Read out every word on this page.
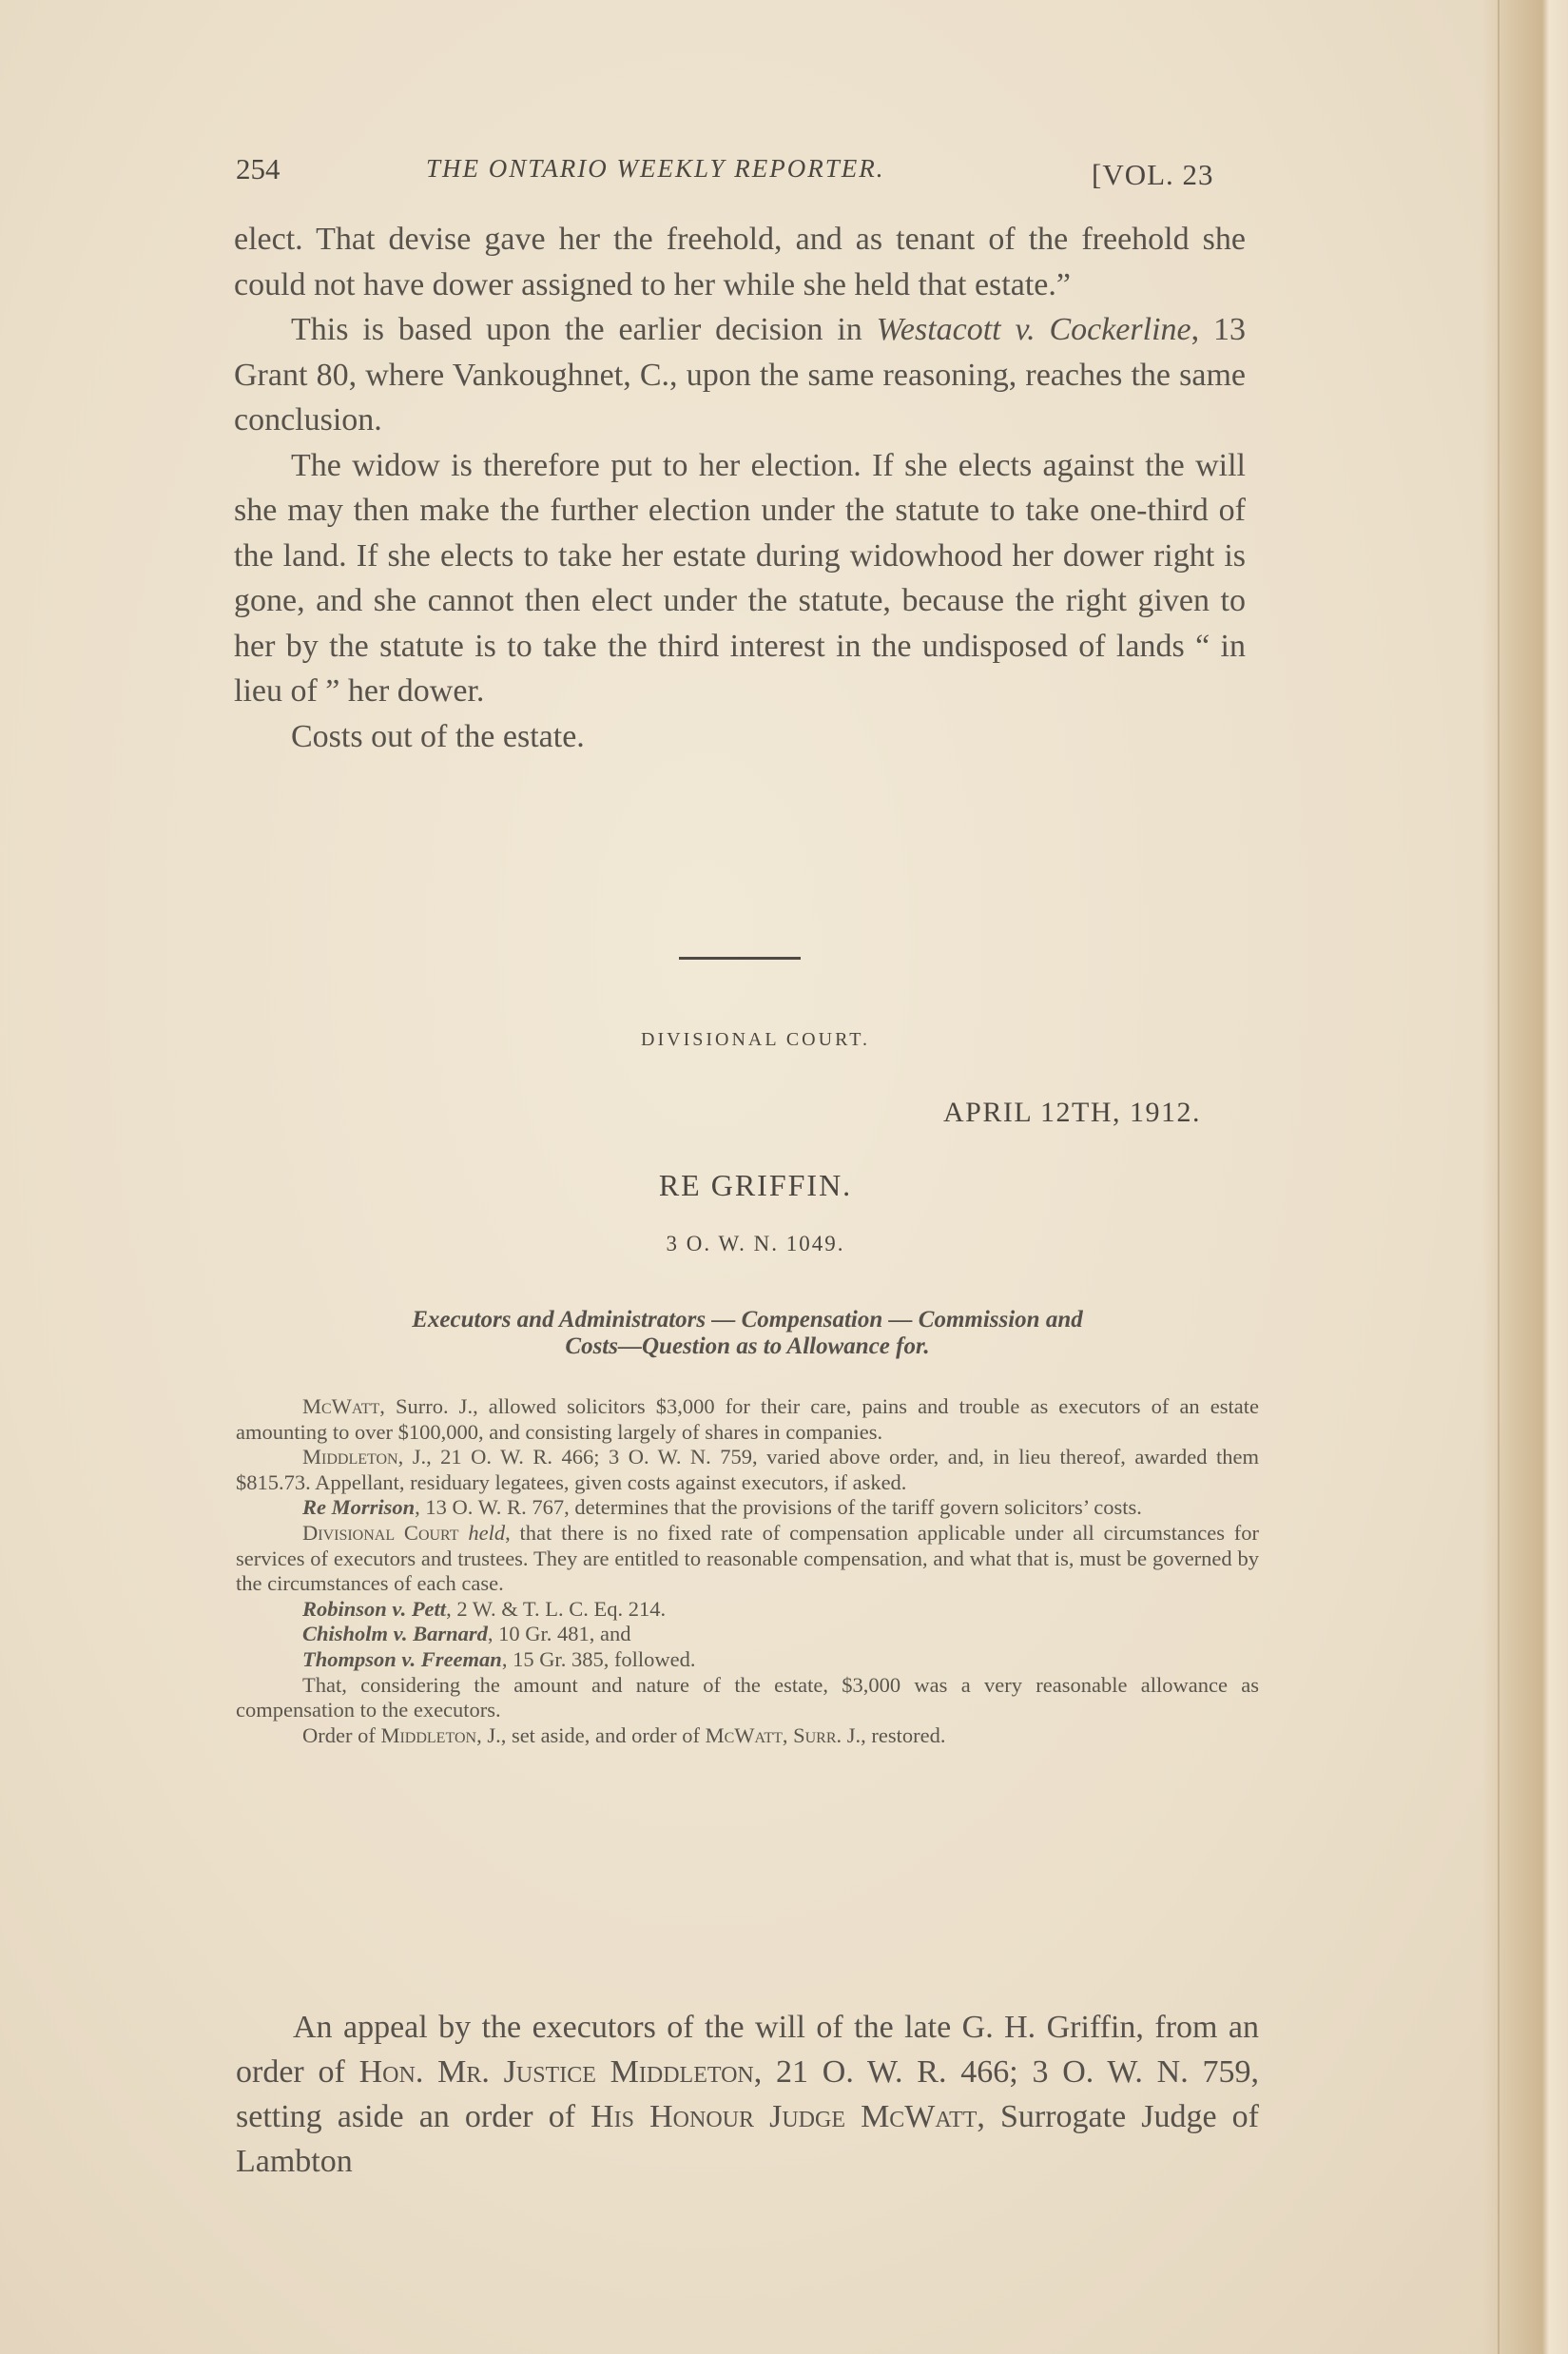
254	THE ONTARIO WEEKLY REPORTER.	[VOL. 23

elect. That devise gave her the freehold, and as tenant of the freehold she could not have dower assigned to her while she held that estate.”

This is based upon the earlier decision in Westacott v. Cockerline, 13 Grant 80, where Vankoughnet, C., upon the same reasoning, reaches the same conclusion.

The widow is therefore put to her election. If she elects against the will she may then make the further election under the statute to take one-third of the land. If she elects to take her estate during widowhood her dower right is gone, and she cannot then elect under the statute, because the right given to her by the statute is to take the third interest in the undisposed of lands “ in lieu of ” her dower.

Costs out of the estate.

DIVISIONAL COURT.
APRIL 12TH, 1912.
RE GRIFFIN.
3 O. W. N. 1049.
Executors and Administrators — Compensation — Commission and
Costs—Question as to Allowance for.

McWatt, Surro. J., allowed solicitors $3,000 for their care, pains and trouble as executors of an estate amounting to over $100,000, and consisting largely of shares in companies.

Middleton, J., 21 O. W. R. 466; 3 O. W. N. 759, varied above order, and, in lieu thereof, awarded them $815.73. Appellant, residuary legatees, given costs against executors, if asked.

Re Morrison, 13 O. W. R. 767, determines that the provisions of the tariff govern solicitors’ costs.

Divisional Court held, that there is no fixed rate of compensation applicable under all circumstances for services of executors and trustees. They are entitled to reasonable compensation, and what that is, must be governed by the circumstances of each case.

Robinson v. Pett, 2 W. & T. L. C. Eq. 214.

Chisholm v. Barnard, 10 Gr. 481, and

Thompson v. Freeman, 15 Gr. 385, followed.

That, considering the amount and nature of the estate, $3,000 was a very reasonable allowance as compensation to the executors.

Order of Middleton, J., set aside, and order of McWatt, Surr. J., restored.

An appeal by the executors of the will of the late G. H. Griffin, from an order of Hon. Mr. Justice Middleton, 21 O. W. R. 466; 3 O. W. N. 759, setting aside an order of His Honour Judge McWatt, Surrogate Judge of Lambton
